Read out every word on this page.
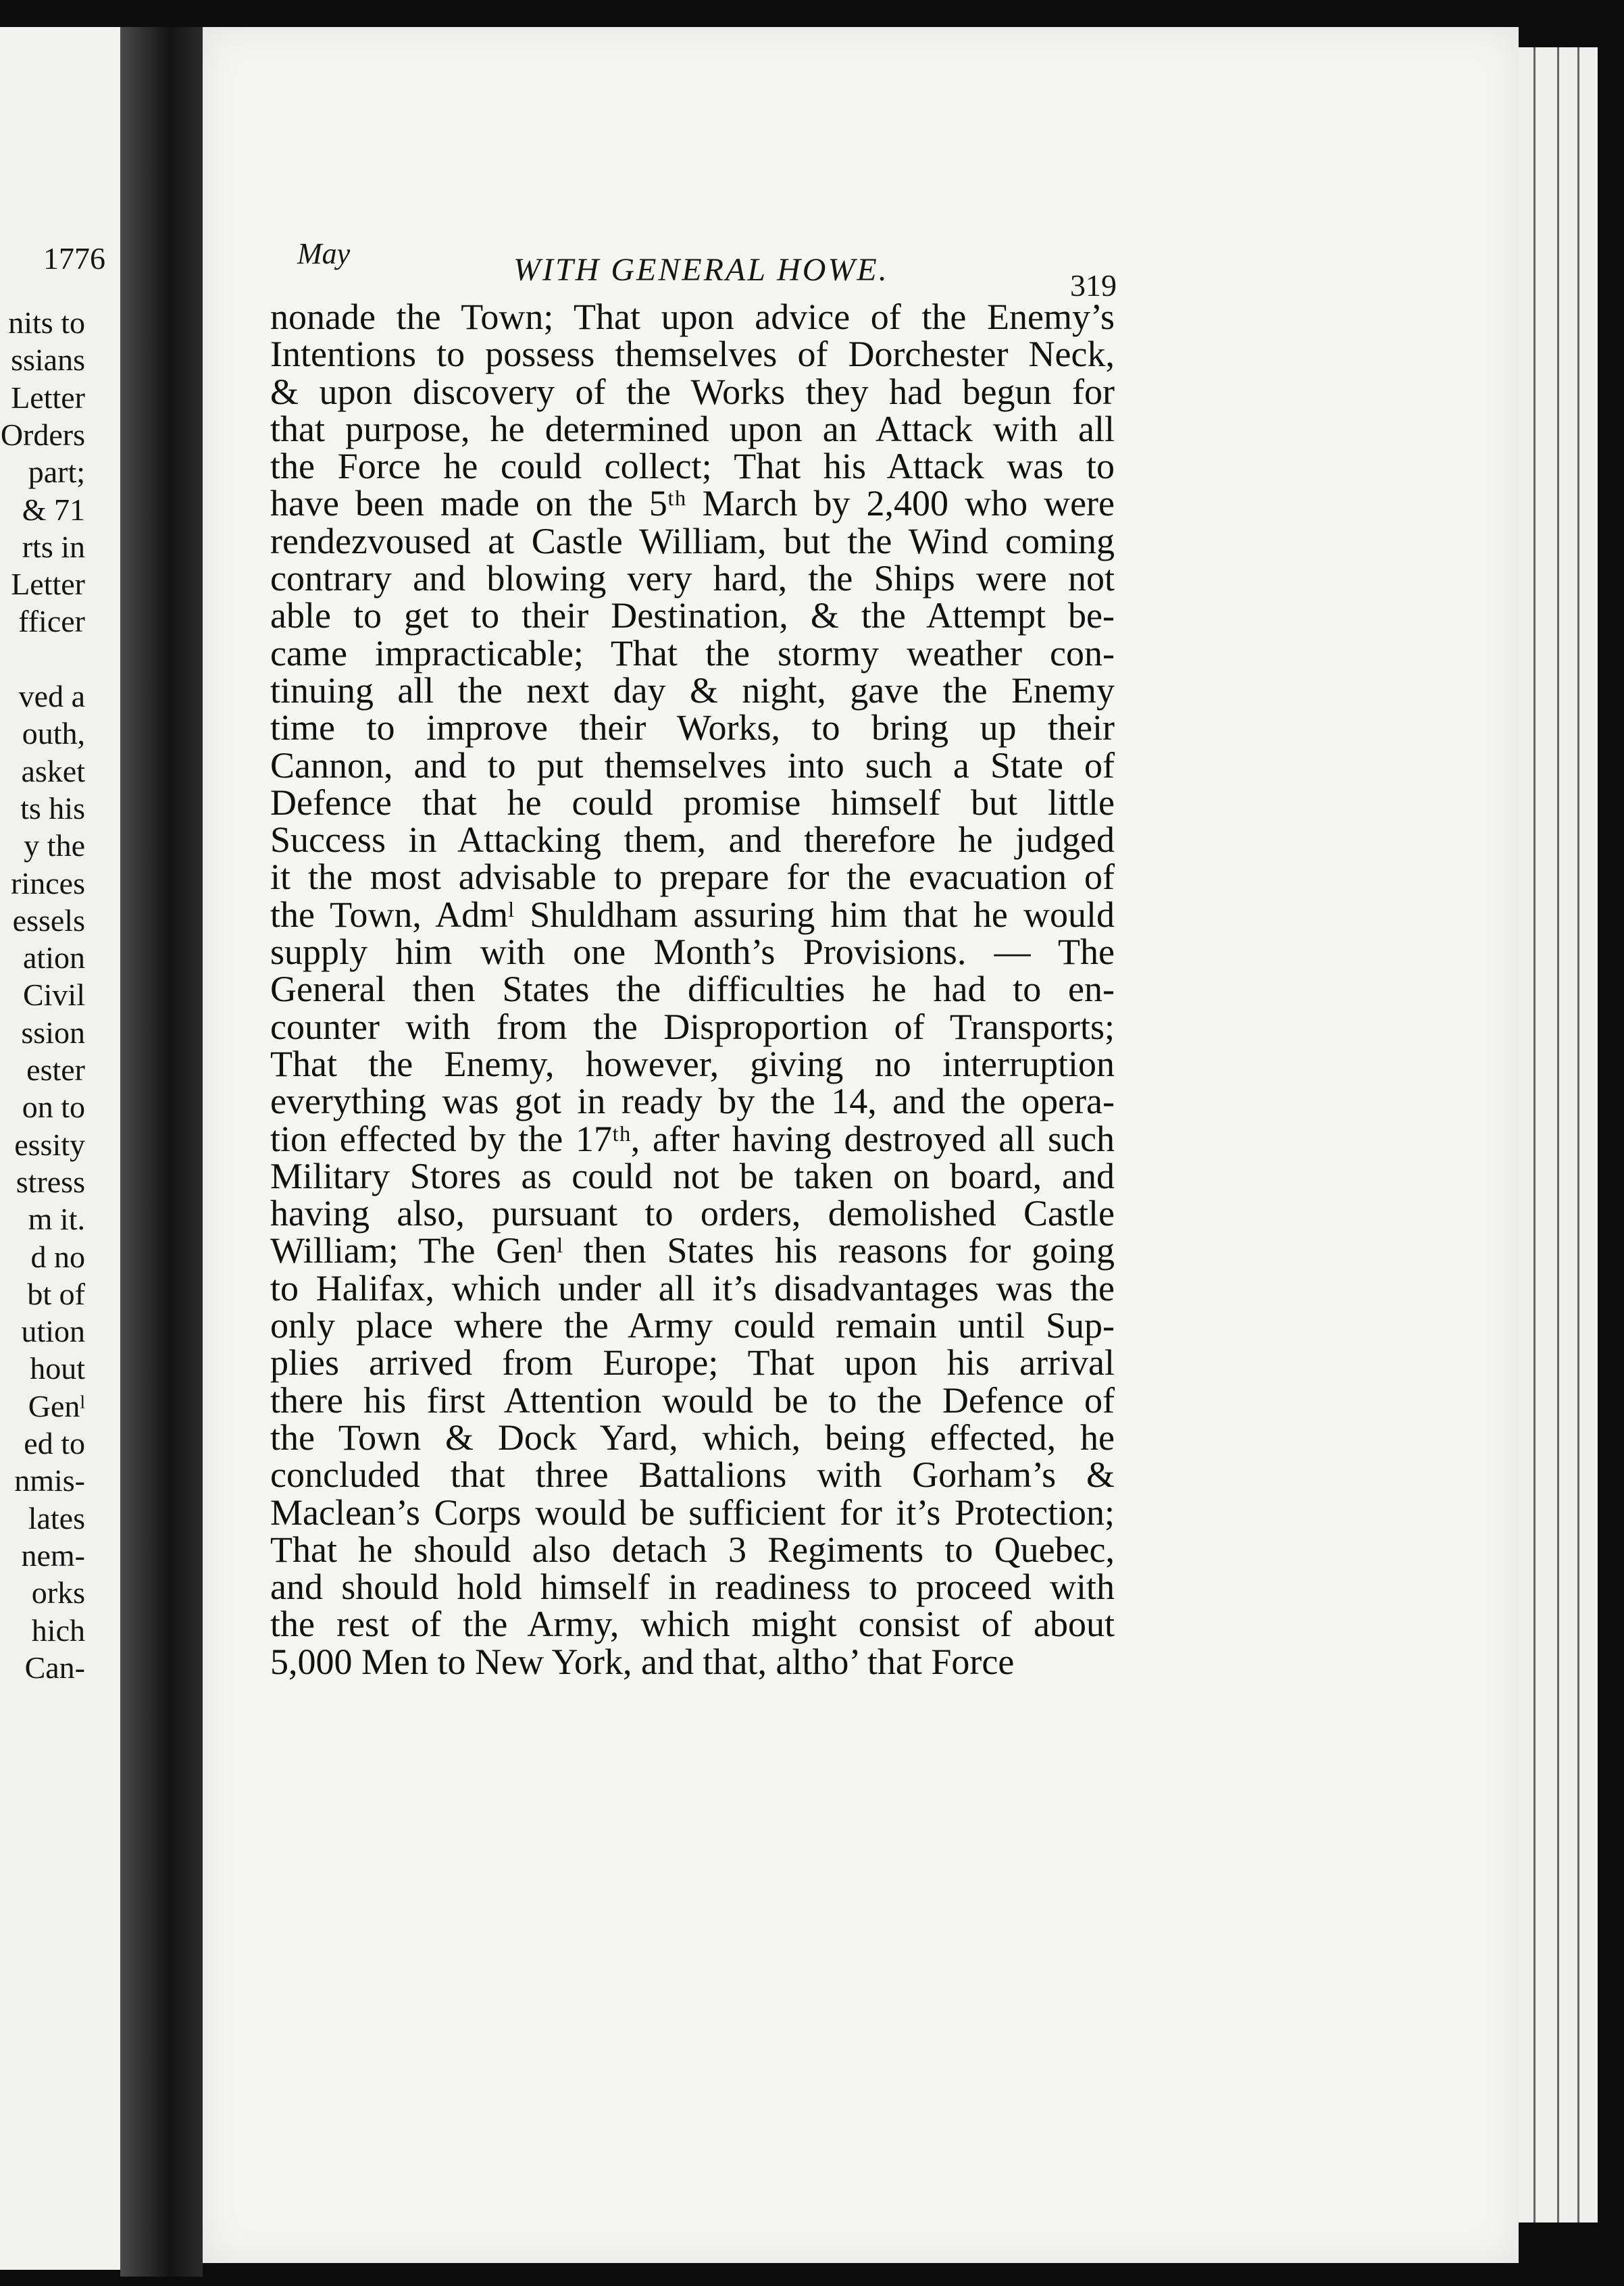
1776
nits to
ssians
Letter
Orders
part;
& 71
rts in
Letter
fficer
ved a
outh,
asket
ts his
y the
rinces
essels
ation
Civil
ssion
ester
on to
essity
stress
m it.
d no
bt of
ution
hout
Genˡ
ed to
nmis-
lates
nem-
orks
hich
Can-
May	WITH GENERAL HOWE.	319
nonade the Town; That upon advice of the Enemy’s
Intentions to possess themselves of Dorchester Neck,
& upon discovery of the Works they had begun for
that purpose, he determined upon an Attack with all
the Force he could collect; That his Attack was to
have been made on the 5ᵗʰ March by 2,400 who were
rendezvoused at Castle William, but the Wind coming
contrary and blowing very hard, the Ships were not
able to get to their Destination, & the Attempt be-
came impracticable; That the stormy weather con-
tinuing all the next day & night, gave the Enemy
time to improve their Works, to bring up their
Cannon, and to put themselves into such a State of
Defence that he could promise himself but little
Success in Attacking them, and therefore he judged
it the most advisable to prepare for the evacuation of
the Town, Admˡ Shuldham assuring him that he would
supply him with one Month’s Provisions. — The
General then States the difficulties he had to en-
counter with from the Disproportion of Transports;
That the Enemy, however, giving no interruption
everything was got in ready by the 14, and the opera-
tion effected by the 17ᵗʰ, after having destroyed all such
Military Stores as could not be taken on board, and
having also, pursuant to orders, demolished Castle
William; The Genˡ then States his reasons for going
to Halifax, which under all it’s disadvantages was the
only place where the Army could remain until Sup-
plies arrived from Europe; That upon his arrival
there his first Attention would be to the Defence of
the Town & Dock Yard, which, being effected, he
concluded that three Battalions with Gorham’s &
Maclean’s Corps would be sufficient for it’s Protection;
That he should also detach 3 Regiments to Quebec,
and should hold himself in readiness to proceed with
the rest of the Army, which might consist of about
5,000 Men to New York, and that, altho’ that Force
